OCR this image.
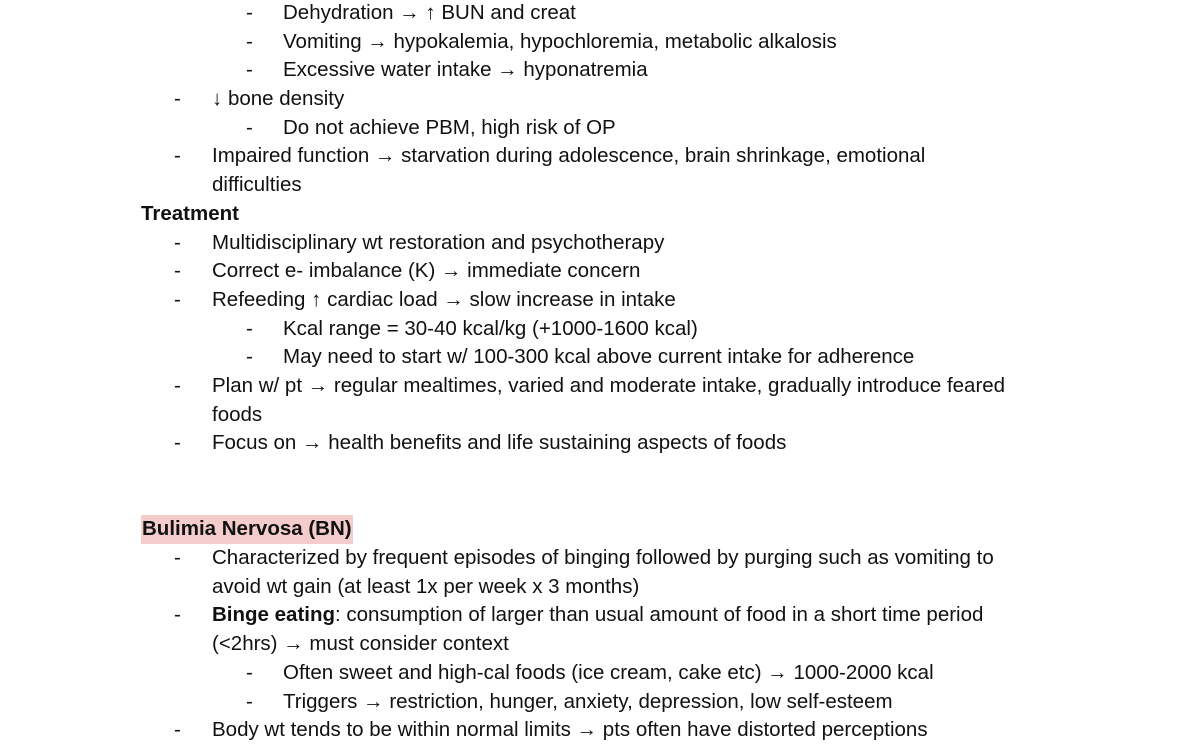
- Dehydration → ↑ BUN and creat
- Vomiting → hypokalemia, hypochloremia, metabolic alkalosis
- Excessive water intake → hyponatremia
- ↓ bone density
- Do not achieve PBM, high risk of OP
- Impaired function → starvation during adolescence, brain shrinkage, emotional
difficulties
Treatment
- Multidisciplinary wt restoration and psychotherapy
- Correct e- imbalance (K) → immediate concern
- Refeeding ↑ cardiac load → slow increase in intake
- Kcal range = 30-40 kcal/kg (+1000-1600 kcal)
- May need to start w/ 100-300 kcal above current intake for adherence
- Plan w/ pt → regular mealtimes, varied and moderate intake, gradually introduce feared
foods
- Focus on → health benefits and life sustaining aspects of foods
Bulimia Nervosa (BN)
- Characterized by frequent episodes of binging followed by purging such as vomiting to
avoid wt gain (at least 1x per week x 3 months)
- Binge eating: consumption of larger than usual amount of food in a short time period
(<2hrs) → must consider context
- Often sweet and high-cal foods (ice cream, cake etc) → 1000-2000 kcal
- Triggers → restriction, hunger, anxiety, depression, low self-esteem
- Body wt tends to be within normal limits → pts often have distorted perceptions
